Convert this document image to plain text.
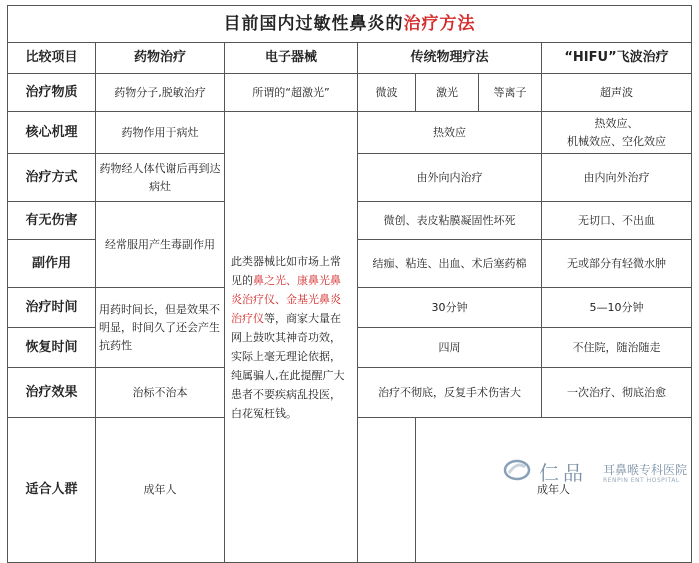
目前国内过敏性鼻炎的治疗方法							
比较项目	药物治疗	电子器械	传统物理疗法			“HIFU”飞波治疗	
治疗物质	药物分子,脱敏治疗	所谓的“超激光”	微波	激光	等离子	超声波	
核心机理	药物作用于病灶	此类器械比如市场上常见的鼻之光、康鼻光鼻炎治疗仪、金基光鼻炎治疗仪等，商家大量在网上鼓吹其神奇功效，实际上毫无理论依据，纯属骗人,在此提醒广大患者不要疾病乱投医，白花冤枉钱。	热效应			热效应、
机械效应、空化效应	
治疗方式	药物经人体代谢后再到达病灶		由外向内治疗			由内向外治疗	
有无伤害	经常服用产生毒副作用		微创、表皮粘膜凝固性坏死			无切口、不出血	
副作用			结痂、粘连、出血、术后塞药棉			无或部分有轻微水肿	
治疗时间	用药时间长，但是效果不明显，时间久了还会产生抗药性		30分钟			5—10分钟	
恢复时间			四周			不住院，随治随走	
治疗效果	治标不治本		治疗不彻底，反复手术伤害大			一次治疗、彻底治愈	
适合人群	成年人			成年人	
仁品 耳鼻喉专科医院
RENPIN ENT HOSPITAL
